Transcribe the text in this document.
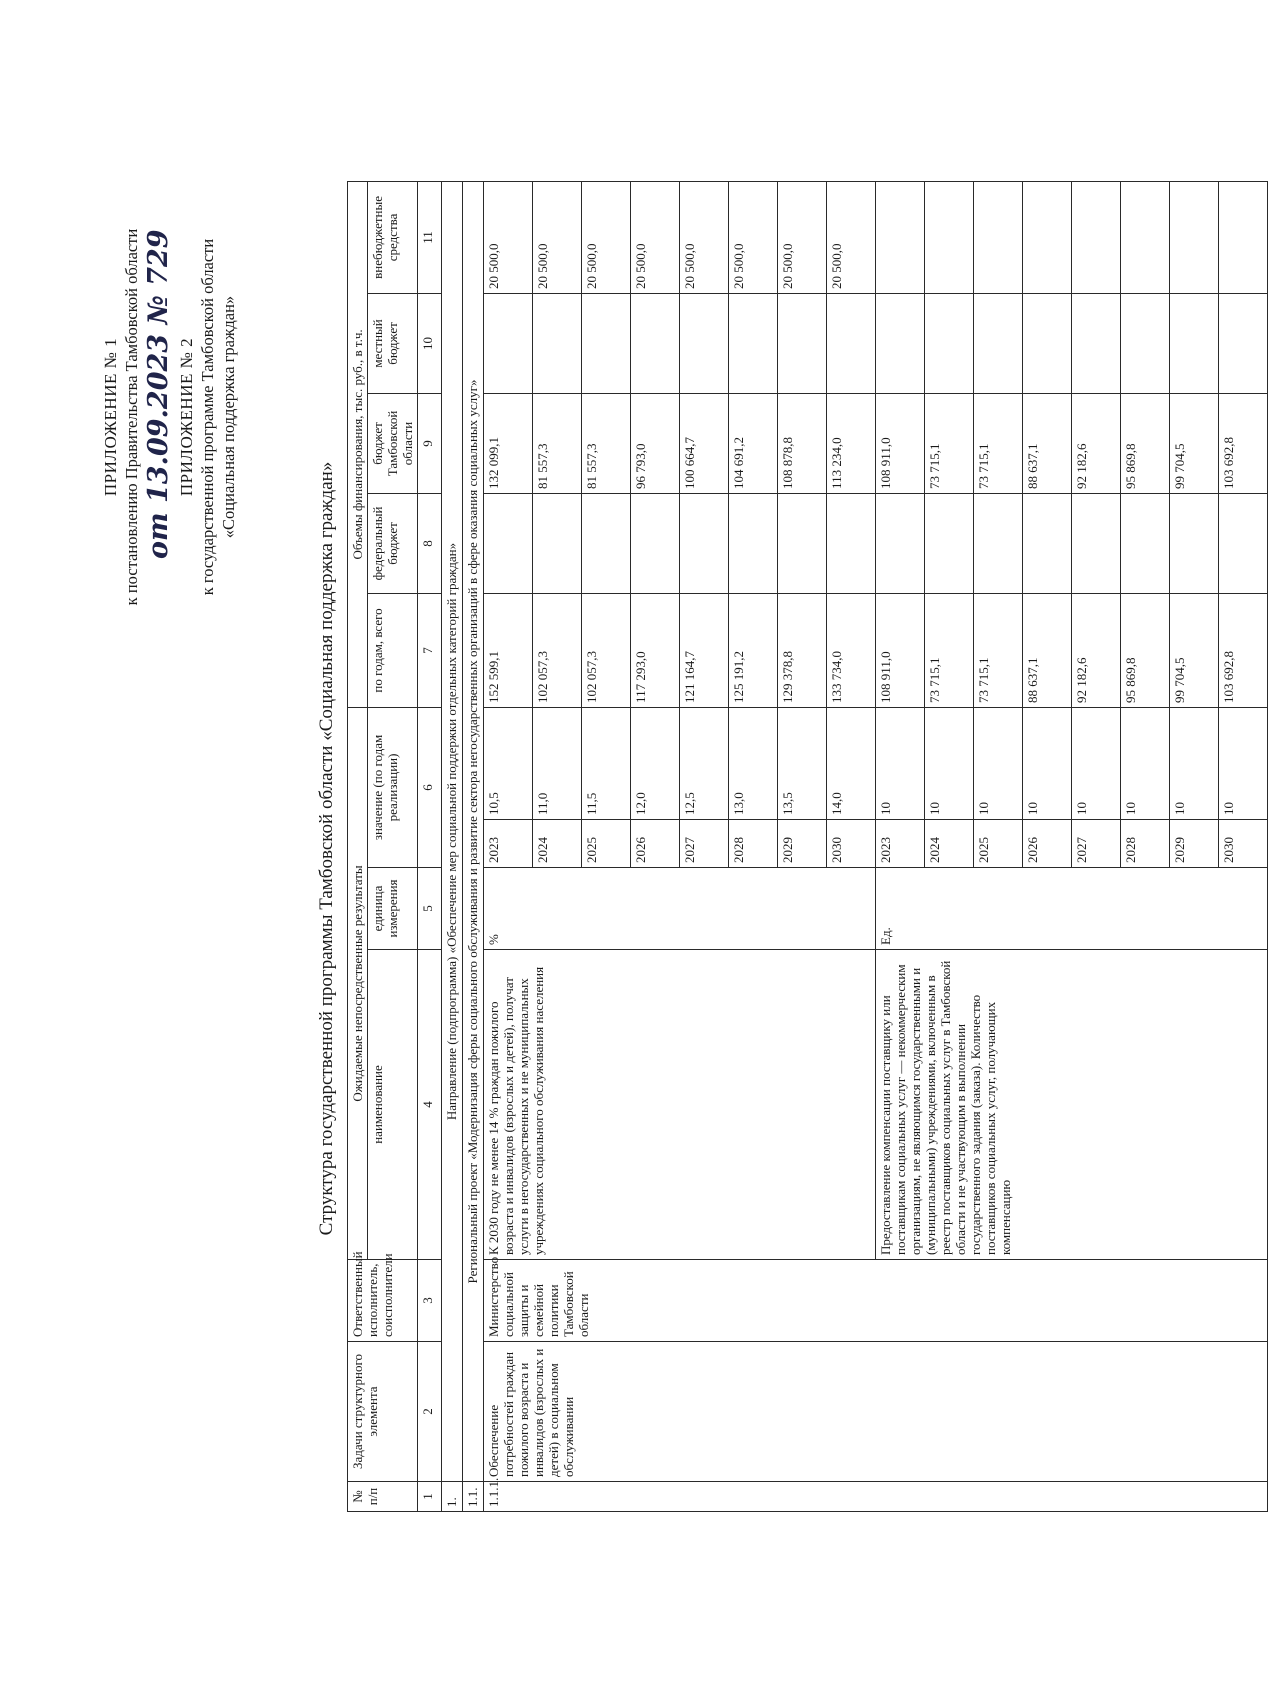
ПРИЛОЖЕНИЕ № 1 к постановлению Правительства Тамбовской области от 13.09.2023 № 729 ПРИЛОЖЕНИЕ № 2 к государственной программе Тамбовской области «Социальная поддержка граждан»
Структура государственной программы Тамбовской области «Социальная поддержка граждан»
№ п/п	Задачи структурного элемента	Ответственный исполнитель, соисполнители	Ожидаемые непосредственные результаты				Объемы финансирования, тыс. руб., в т.ч.				
			наименование	единица измерения	значение (по годам реализации)		по годам, всего	федеральный бюджет	бюджет Тамбовской области	местный бюджет	внебюджетные средства
1	2	3	4	5	6		7	8	9	10	11
1.	Направление (подпрограмма) «Обеспечение мер социальной поддержки отдельных категорий граждан»										
1.1.	Региональный проект «Модернизация сферы социального обслуживания и развитие сектора негосударственных организаций в сфере оказания социальных услуг»										
1.1.1.	Обеспечение потребностей граждан пожилого возраста и инвалидов (взрослых и детей) в социальном обслуживании	Министерство социальной защиты и семейной политики Тамбовской области	К 2030 году не менее 14 % граждан пожилого возраста и инвалидов (взрослых и детей), получат услуги в негосударственных и не муниципальных учреждениях социального обслуживания населения	%	2023	10,5	152 599,1		132 099,1		20 500,0
					2024	11,0	102 057,3		81 557,3		20 500,0
					2025	11,5	102 057,3		81 557,3		20 500,0
					2026	12,0	117 293,0		96 793,0		20 500,0
					2027	12,5	121 164,7		100 664,7		20 500,0
					2028	13,0	125 191,2		104 691,2		20 500,0
					2029	13,5	129 378,8		108 878,8		20 500,0
					2030	14,0	133 734,0		113 234,0		20 500,0
			Предоставление компенсации поставщику или поставщикам социальных услуг — некоммерческим организациям, не являющимся государственными и (муниципальными) учреждениями, включенным в реестр поставщиков социальных услуг в Тамбовской области и не участвующим в выполнении государственного задания (заказа). Количество поставщиков социальных услуг, получающих компенсацию	Ед.	2023	10	108 911,0		108 911,0		
					2024	10	73 715,1		73 715,1		
					2025	10	73 715,1		73 715,1		
					2026	10	88 637,1		88 637,1		
					2027	10	92 182,6		92 182,6		
					2028	10	95 869,8		95 869,8		
					2029	10	99 704,5		99 704,5		
					2030	10	103 692,8		103 692,8		
